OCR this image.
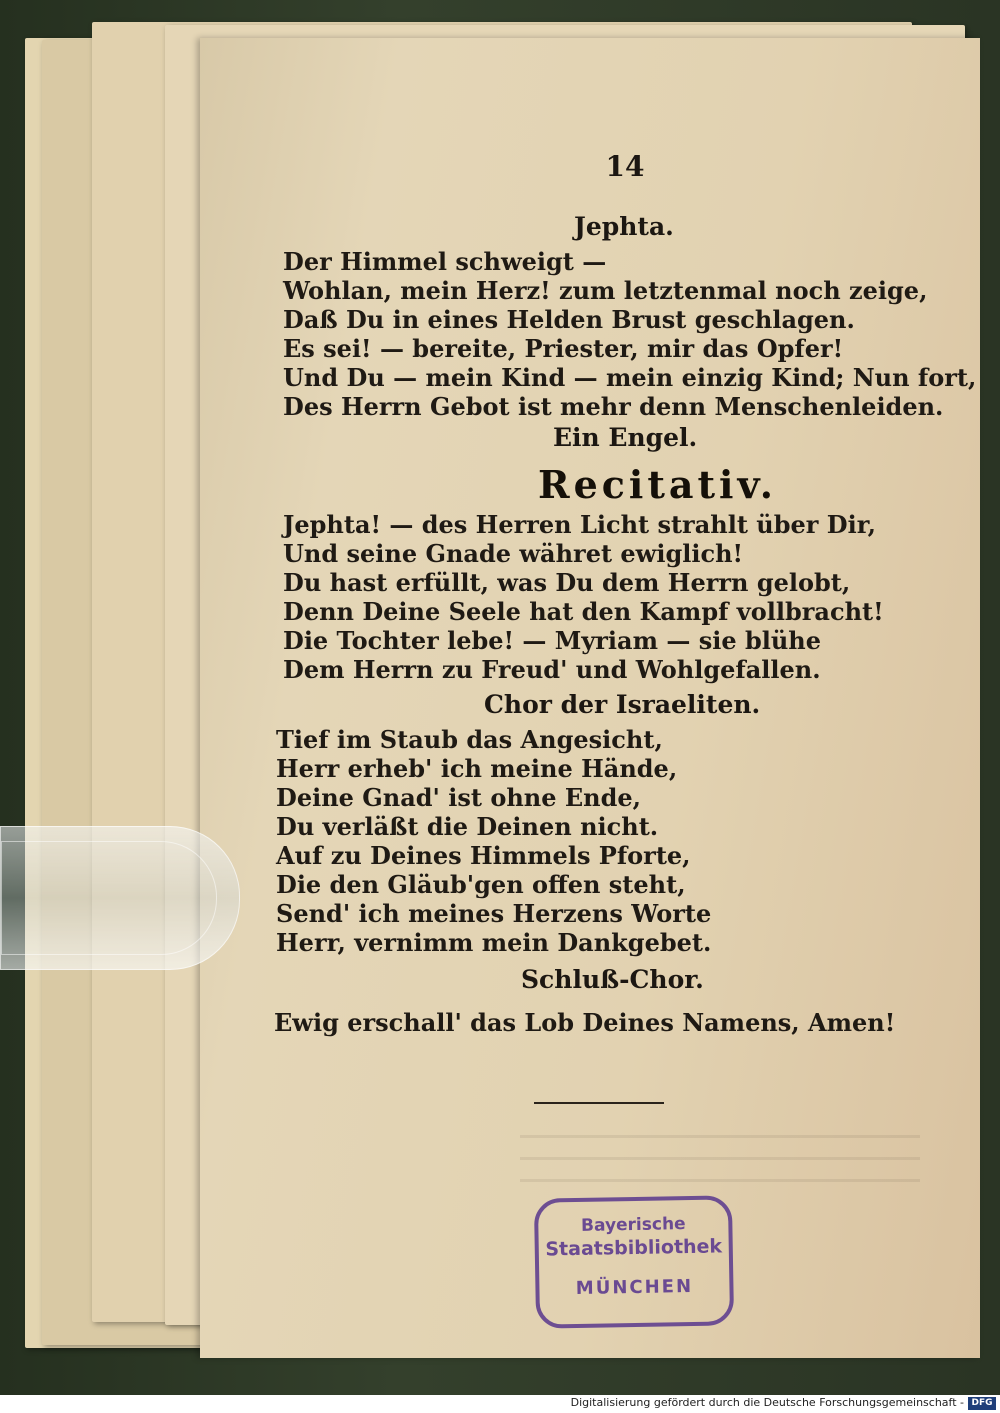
14
Jephta.
Der Himmel schweigt —
Wohlan, mein Herz! zum letztenmal noch zeige,
Daß Du in eines Helden Brust geschlagen.
Es sei! — bereite, Priester, mir das Opfer!
Und Du — mein Kind — mein einzig Kind; Nun fort,
Des Herrn Gebot ist mehr denn Menschenleiden.
Ein Engel.
Recitativ.
Jephta! — des Herren Licht strahlt über Dir,
Und seine Gnade währet ewiglich!
Du hast erfüllt, was Du dem Herrn gelobt,
Denn Deine Seele hat den Kampf vollbracht!
Die Tochter lebe! — Myriam — sie blühe
Dem Herrn zu Freud' und Wohlgefallen.
Chor der Israeliten.
Tief im Staub das Angesicht,
Herr erheb' ich meine Hände,
Deine Gnad' ist ohne Ende,
Du verläßt die Deinen nicht.
Auf zu Deines Himmels Pforte,
Die den Gläub'gen offen steht,
Send' ich meines Herzens Worte
Herr, vernimm mein Dankgebet.
Schluß-Chor.
Ewig erschall' das Lob Deines Namens, Amen!
Bayerische
Staatsbibliothek
MÜNCHEN
Digitalisierung gefördert durch die Deutsche Forschungsgemeinschaft - DFG
